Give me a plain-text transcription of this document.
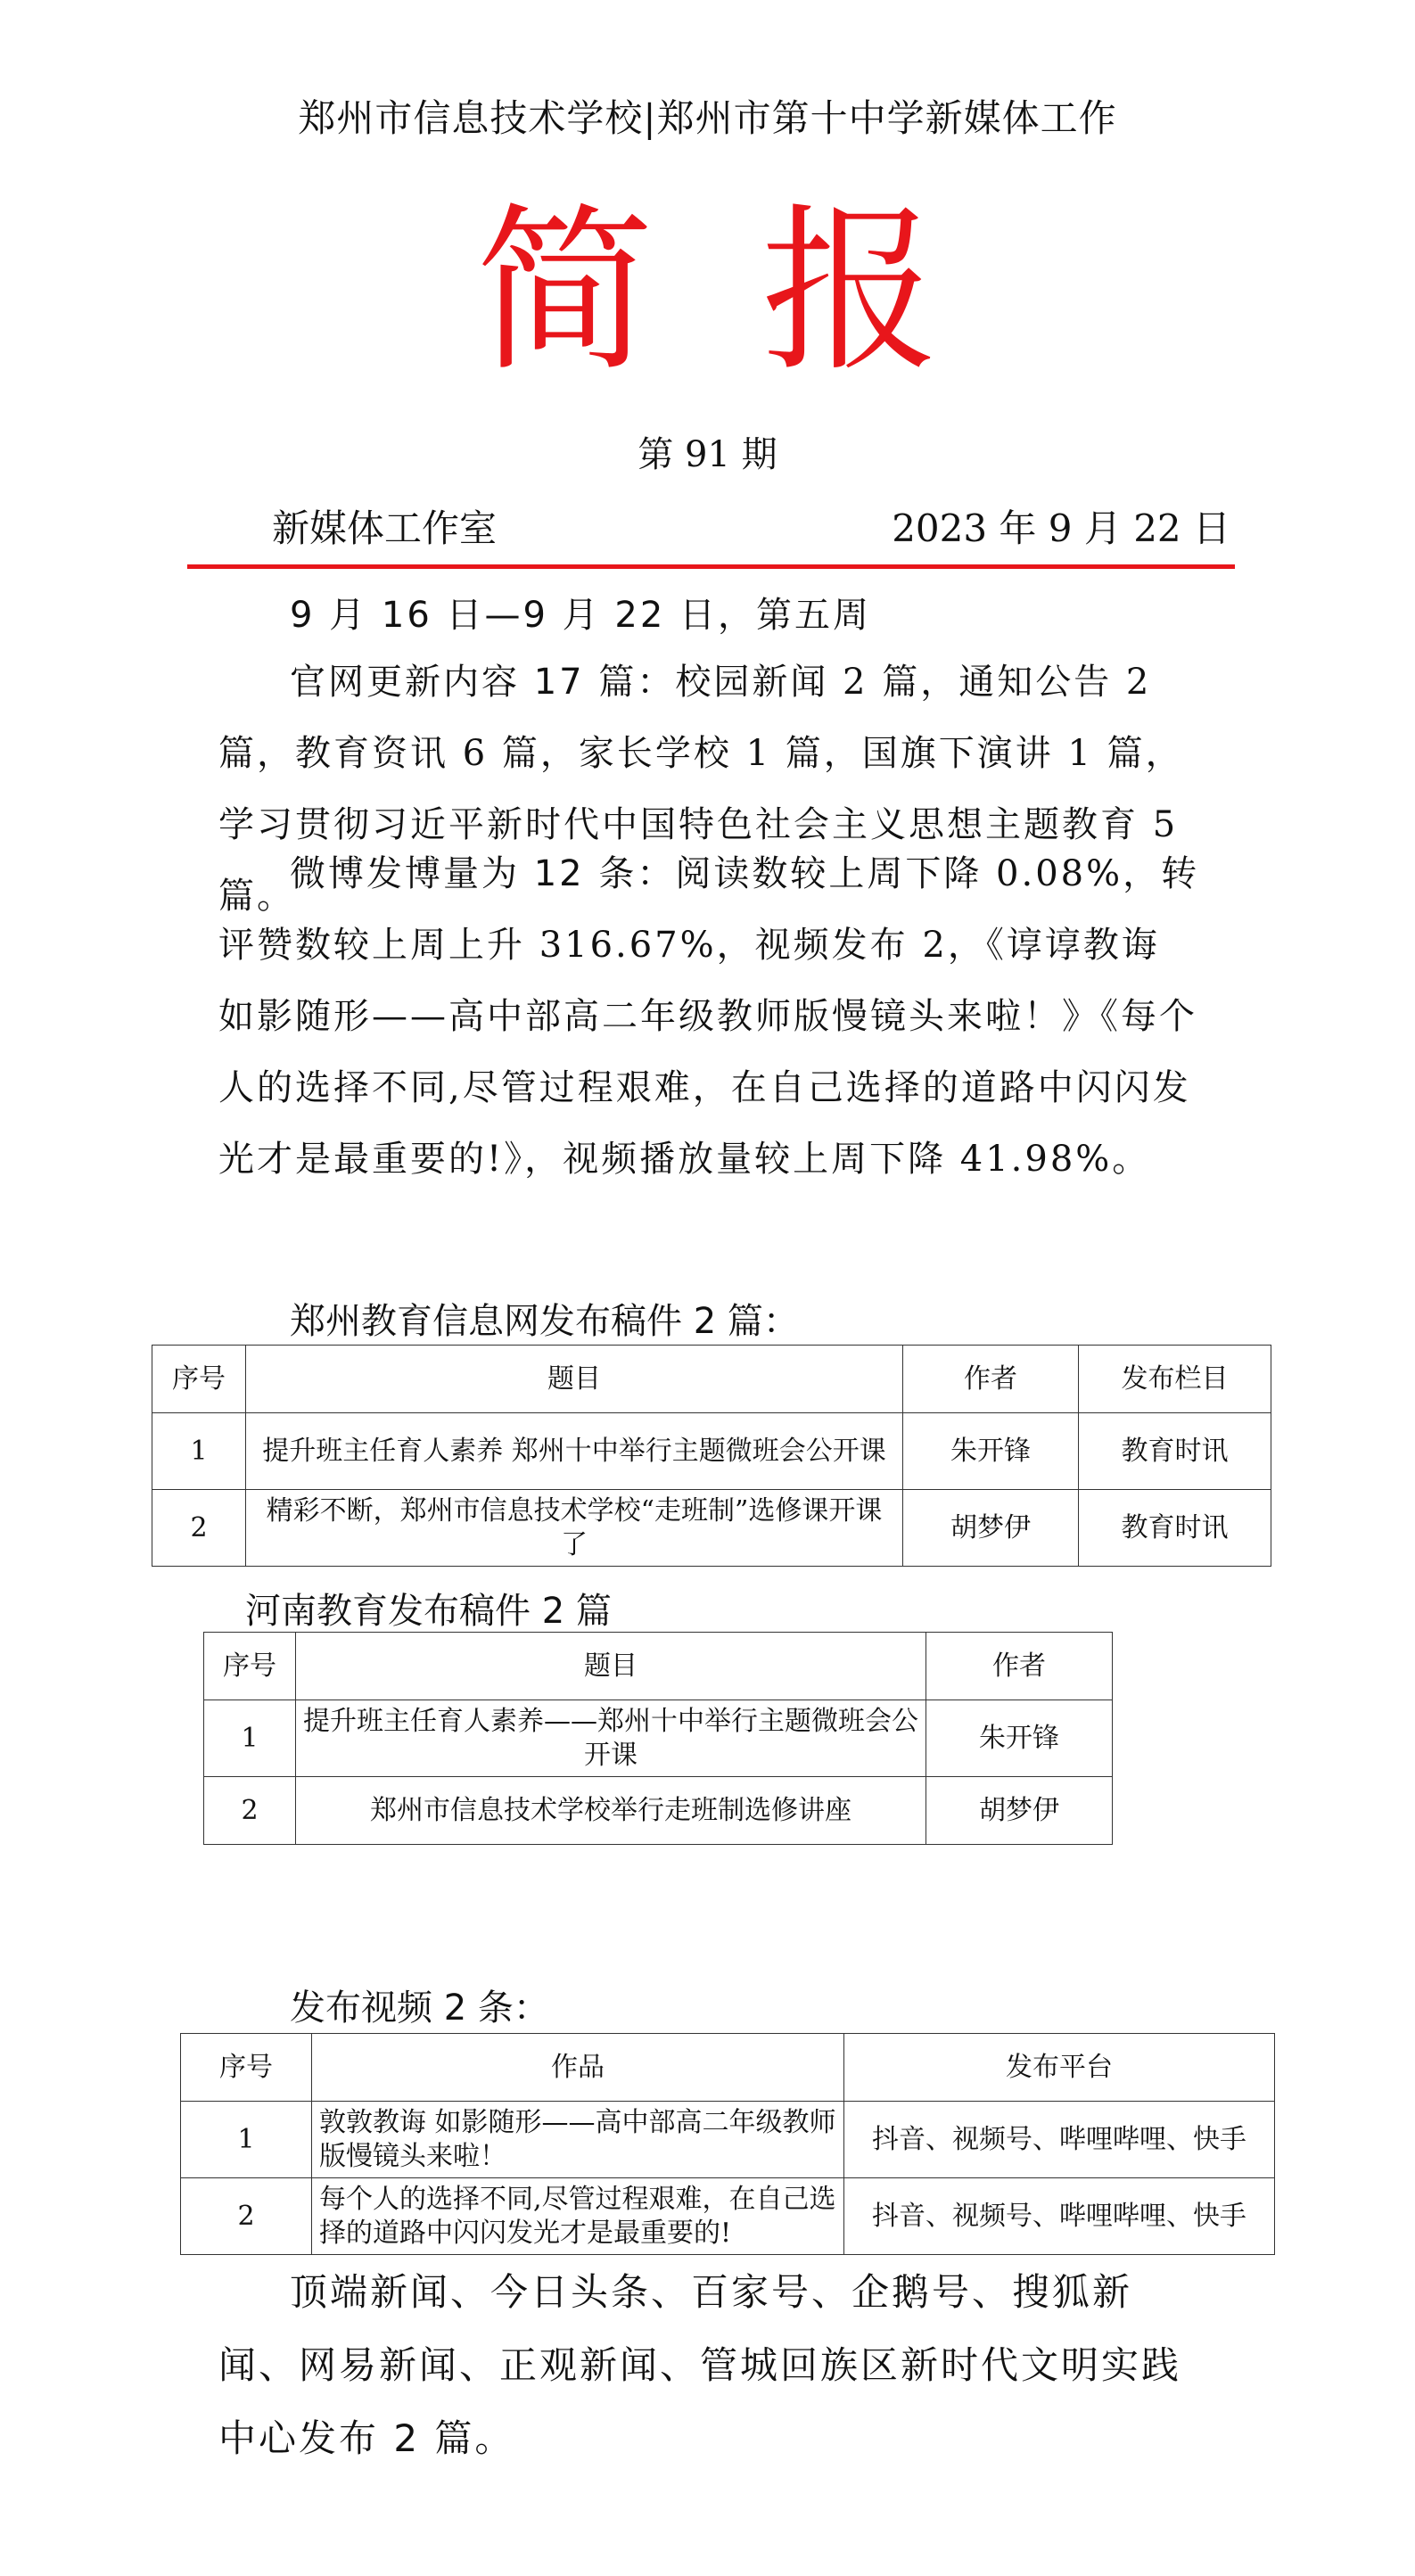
郑州市信息技术学校|郑州市第十中学新媒体工作
简报
第 91 期
新媒体工作室	2023 年 9 月 22 日
9 月 16 日—9 月 22 日，第五周
官网更新内容 17 篇：校园新闻 2 篇，通知公告 2 篇，教育资讯 6 篇，家长学校 1 篇，国旗下演讲 1 篇，学习贯彻习近平新时代中国特色社会主义思想主题教育 5 篇。
微博发博量为 12 条：阅读数较上周下降 0.08%，转评赞数较上周上升 316.67%，视频发布 2，《谆谆教诲 如影随形——高中部高二年级教师版慢镜头来啦！》《每个人的选择不同,尽管过程艰难，在自己选择的道路中闪闪发光才是最重要的!》，视频播放量较上周下降 41.98%。
郑州教育信息网发布稿件 2 篇：
序号	题目	作者	发布栏目
1	提升班主任育人素养 郑州十中举行主题微班会公开课	朱开锋	教育时讯
2	精彩不断，郑州市信息技术学校“走班制”选修课开课了	胡梦伊	教育时讯
河南教育发布稿件 2 篇
序号	题目	作者
1	提升班主任育人素养——郑州十中举行主题微班会公开课	朱开锋
2	郑州市信息技术学校举行走班制选修讲座	胡梦伊
发布视频 2 条：
序号	作品	发布平台
1	敦敦教诲 如影随形——高中部高二年级教师版慢镜头来啦！	抖音、视频号、哔哩哔哩、快手
2	每个人的选择不同,尽管过程艰难，在自己选择的道路中闪闪发光才是最重要的!	抖音、视频号、哔哩哔哩、快手
顶端新闻、今日头条、百家号、企鹅号、搜狐新闻、网易新闻、正观新闻、管城回族区新时代文明实践中心发布 2 篇。
